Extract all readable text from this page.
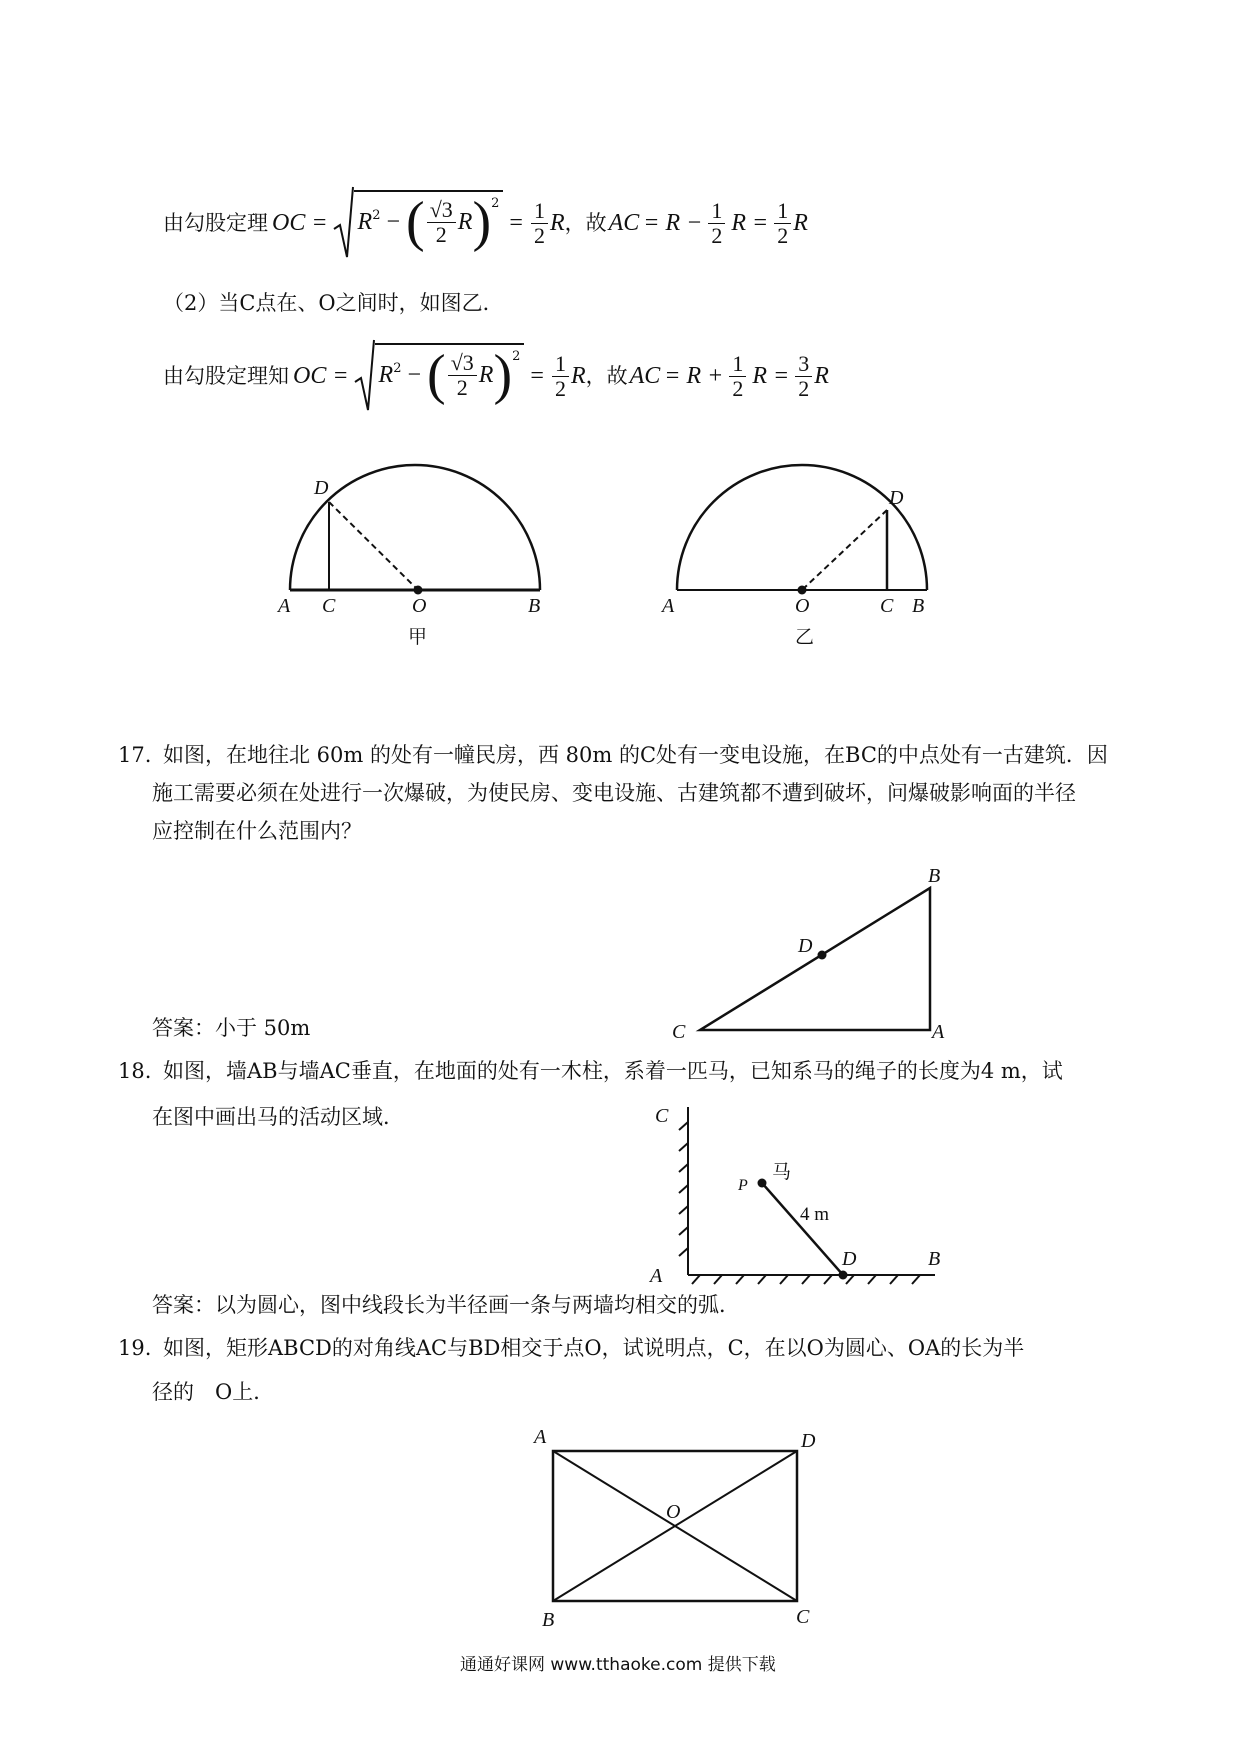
由勾股定理 OC = $R^2$ − ( $\frac{√3}{2}$ R )$^2$
= $\frac{1}{2}$ R ，故 AC = $R - \frac{1}{2}$ $R = \frac{1}{2}$ R
（2）当C点在、O之间时，如图乙．
由勾股定理知 OC = $R^2$ − ( $\frac{√3}{2}$ R )$^2$
= $\frac{1}{2}$ R ，故 AC = $R + \frac{1}{2}$ $R = \frac{3}{2}$ R
D
A C	O	B
甲
D
A	O	C B
乙
B
D
C	A
C
A
D	B
P
马
4 m
A	D
O
B	C
17. 如图，在地往北 60m 的处有一幢民房，西 80m 的C处有一变电设施，在BC的中点处有一古建筑．因
施工需要必须在处进行一次爆破，为使民房、变电设施、古建筑都不遭到破坏，问爆破影响面的半径
应控制在什么范围内？
答案：小于 50m
18. 如图，墙AB与墙AC垂直，在地面的处有一木柱，系着一匹马，已知系马的绳子的长度为4 m，试
在图中画出马的活动区域．
答案：以为圆心，图中线段长为半径画一条与两墙均相交的弧．
19. 如图，矩形ABCD的对角线AC与BD相交于点O，试说明点，C，在以O为圆心、OA的长为半
径的　O上．
通通好课网 www.tthaoke.com 提供下载
